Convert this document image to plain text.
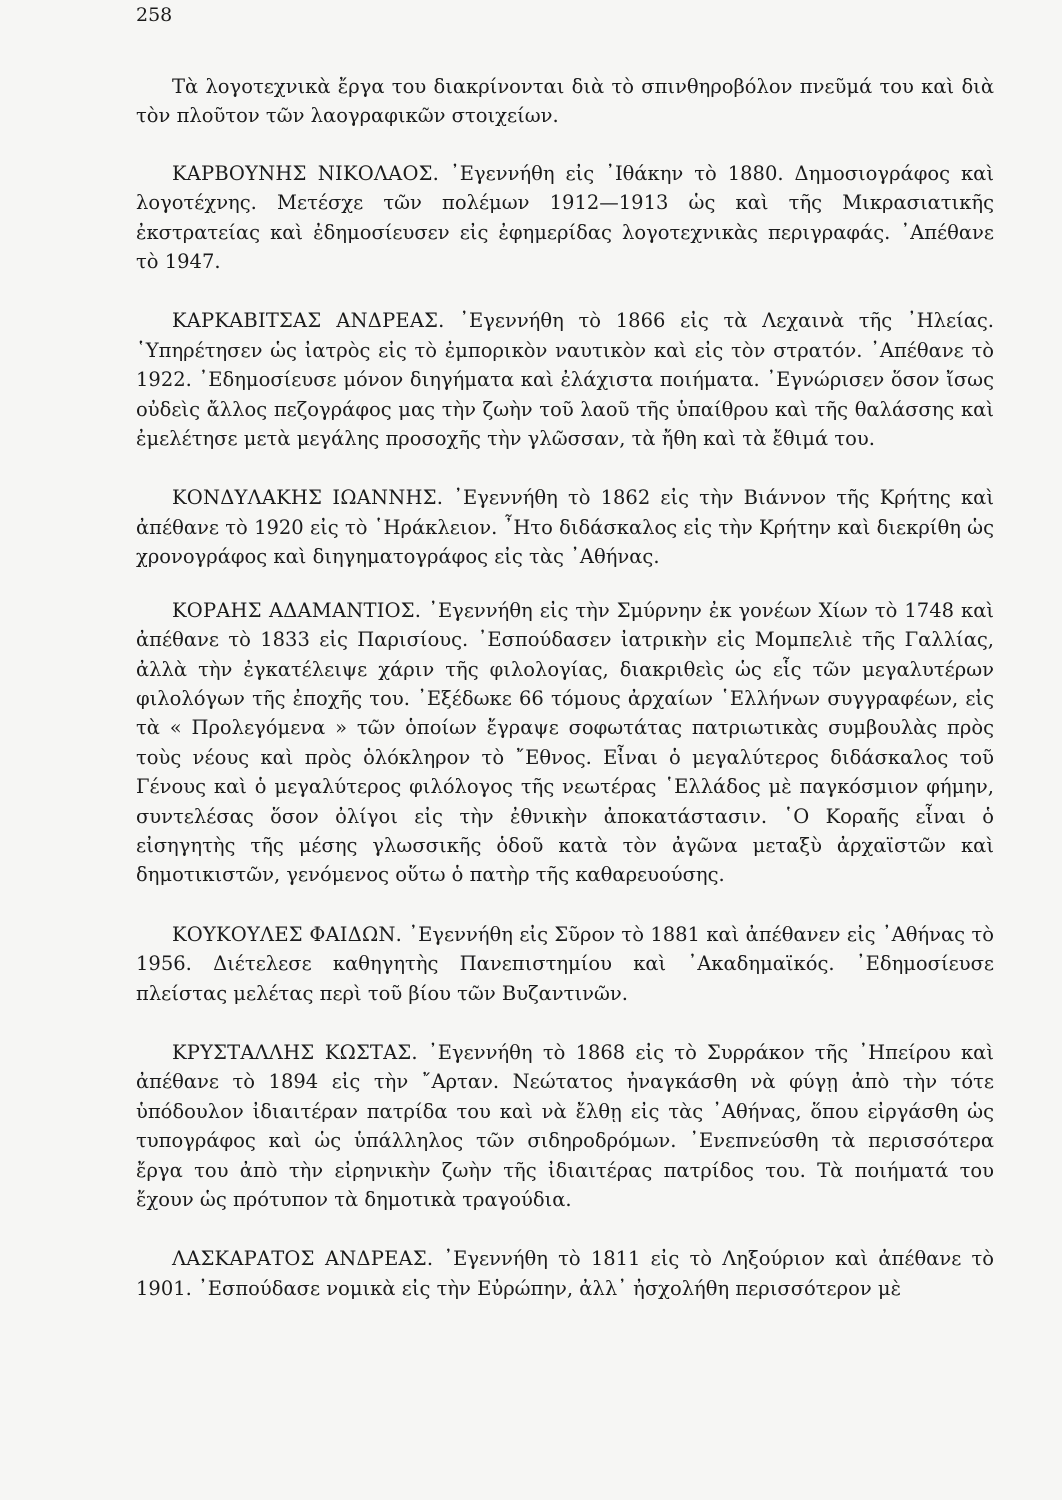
258

Τὰ λογοτεχνικὰ ἔργα του διακρίνονται διὰ τὸ σπινθηροβόλον πνεῦμά του καὶ διὰ τὸν πλοῦτον τῶν λαογραφικῶν στοιχείων.

ΚΑΡΒΟΥΝΗΣ ΝΙΚΟΛΑΟΣ. ᾿Εγεννήθη εἰς ᾿Ιθάκην τὸ 1880. Δημοσιογράφος καὶ λογοτέχνης. Μετέσχε τῶν πολέμων 1912—1913 ὡς καὶ τῆς Μικρασιατικῆς ἐκστρατείας καὶ ἐδημοσίευσεν εἰς ἐφημερίδας λογοτεχνικὰς περιγραφάς. ᾿Απέθανε τὸ 1947.

ΚΑΡΚΑΒΙΤΣΑΣ ΑΝΔΡΕΑΣ. ᾿Εγεννήθη τὸ 1866 εἰς τὰ Λεχαινὰ τῆς ᾿Ηλείας. ῾Υπηρέτησεν ὡς ἰατρὸς εἰς τὸ ἐμπορικὸν ναυτικὸν καὶ εἰς τὸν στρατόν. ᾿Απέθανε τὸ 1922. ᾿Εδημοσίευσε μόνον διηγήματα καὶ ἐλάχιστα ποιήματα. ᾿Εγνώρισεν ὅσον ἴσως οὐδεὶς ἄλλος πεζογράφος μας τὴν ζωὴν τοῦ λαοῦ τῆς ὑπαίθρου καὶ τῆς θαλάσσης καὶ ἐμελέτησε μετὰ μεγάλης προσοχῆς τὴν γλῶσσαν, τὰ ἤθη καὶ τὰ ἔθιμά του.

ΚΟΝΔΥΛΑΚΗΣ ΙΩΑΝΝΗΣ. ᾿Εγεννήθη τὸ 1862 εἰς τὴν Βιάννον τῆς Κρήτης καὶ ἀπέθανε τὸ 1920 εἰς τὸ ῾Ηράκλειον. ῏Ητο διδάσκαλος εἰς τὴν Κρήτην καὶ διεκρίθη ὡς χρονογράφος καὶ διηγηματογράφος εἰς τὰς ᾿Αθήνας.

ΚΟΡΑΗΣ ΑΔΑΜΑΝΤΙΟΣ. ᾿Εγεννήθη εἰς τὴν Σμύρνην ἐκ γονέων Χίων τὸ 1748 καὶ ἀπέθανε τὸ 1833 εἰς Παρισίους. ᾿Εσπούδασεν ἰατρικὴν εἰς Μομπελιὲ τῆς Γαλλίας, ἀλλὰ τὴν ἐγκατέλειψε χάριν τῆς φιλολογίας, διακριθεὶς ὡς εἷς τῶν μεγαλυτέρων φιλολόγων τῆς ἐποχῆς του. ᾿Εξέδωκε 66 τόμους ἀρχαίων ῾Ελλήνων συγγραφέων, εἰς τὰ « Προλεγόμενα » τῶν ὁποίων ἔγραψε σοφωτάτας πατριωτικὰς συμβουλὰς πρὸς τοὺς νέους καὶ πρὸς ὁλόκληρον τὸ ῎Εθνος. Εἶναι ὁ μεγαλύτερος διδάσκαλος τοῦ Γένους καὶ ὁ μεγαλύτερος φιλόλογος τῆς νεωτέρας ῾Ελλάδος μὲ παγκόσμιον φήμην, συντελέσας ὅσον ὀλίγοι εἰς τὴν ἐθνικὴν ἀποκατάστασιν. ῾Ο Κοραῆς εἶναι ὁ εἰσηγητὴς τῆς μέσης γλωσσικῆς ὁδοῦ κατὰ τὸν ἀγῶνα μεταξὺ ἀρχαϊστῶν καὶ δημοτικιστῶν, γενόμενος οὕτω ὁ πατὴρ τῆς καθαρευούσης.

ΚΟΥΚΟΥΛΕΣ ΦΑΙΔΩΝ. ᾿Εγεννήθη εἰς Σῦρον τὸ 1881 καὶ ἀπέθανεν εἰς ᾿Αθήνας τὸ 1956. Διέτελεσε καθηγητὴς Πανεπιστημίου καὶ ᾿Ακαδημαϊκός. ᾿Εδημοσίευσε πλείστας μελέτας περὶ τοῦ βίου τῶν Βυζαντινῶν.

ΚΡΥΣΤΑΛΛΗΣ ΚΩΣΤΑΣ. ᾿Εγεννήθη τὸ 1868 εἰς τὸ Συρράκον τῆς ᾿Ηπείρου καὶ ἀπέθανε τὸ 1894 εἰς τὴν ῎Αρταν. Νεώτατος ἠναγκάσθη νὰ φύγῃ ἀπὸ τὴν τότε ὑπόδουλον ἰδιαιτέραν πατρίδα του καὶ νὰ ἔλθῃ εἰς τὰς ᾿Αθήνας, ὅπου εἰργάσθη ὡς τυπογράφος καὶ ὡς ὑπάλληλος τῶν σιδηροδρόμων. ᾿Ενεπνεύσθη τὰ περισσότερα ἔργα του ἀπὸ τὴν εἰρηνικὴν ζωὴν τῆς ἰδιαιτέρας πατρίδος του. Τὰ ποιήματά του ἔχουν ὡς πρότυπον τὰ δημοτικὰ τραγούδια.

ΛΑΣΚΑΡΑΤΟΣ ΑΝΔΡΕΑΣ. ᾿Εγεννήθη τὸ 1811 εἰς τὸ Ληξούριον καὶ ἀπέθανε τὸ 1901. ᾿Εσπούδασε νομικὰ εἰς τὴν Εὐρώπην, ἀλλ᾿ ἠσχολήθη περισσότερον μὲ
